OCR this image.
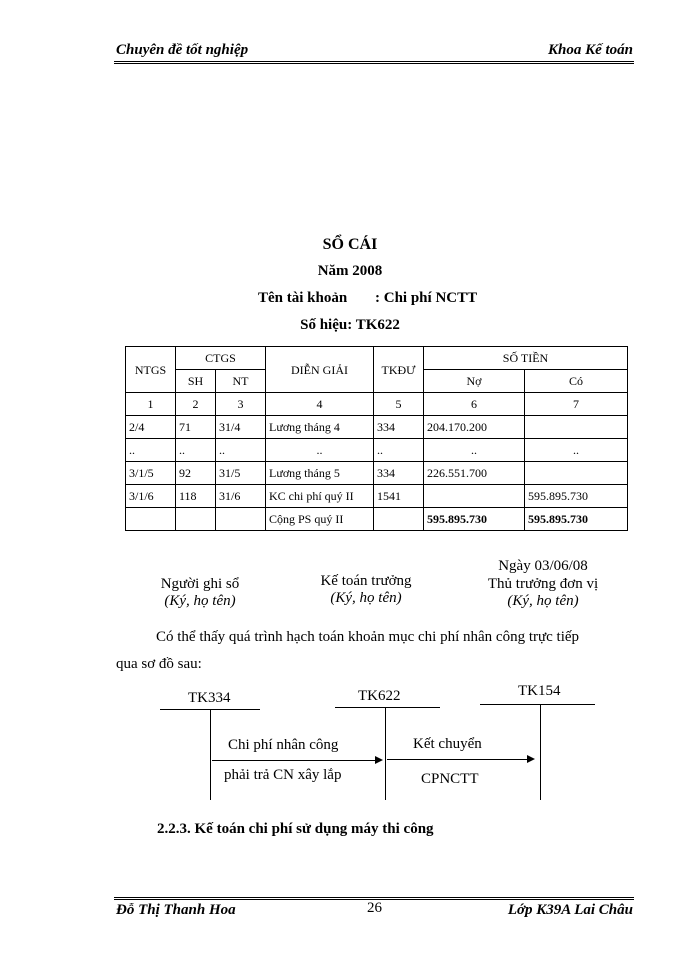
Chuyên đề tốt nghiệp	Khoa Kế toán
SỔ CÁI
Năm 2008
Tên tài khoản : Chi phí NCTT
Số hiệu: TK622
NTGS	CTGS		DIỄN GIẢI	TKĐƯ	SỐ TIỀN	
	SH	NT			Nợ	Có
1	2	3	4	5	6	7
2/4	71	31/4	Lương tháng 4	334	204.170.200	
..	..	..	..	..	..	..
3/1/5	92	31/5	Lương tháng 5	334	226.551.700	
3/1/6	118	31/6	KC chi phí quý II	1541		595.895.730
			Cộng PS quý II		595.895.730	595.895.730
Ngày 03/06/08
Người ghi sổ
(Ký, họ tên)
Kế toán trưởng
(Ký, họ tên)
Thủ trưởng đơn vị
(Ký, họ tên)
Có thể thấy quá trình hạch toán khoản mục chi phí nhân công trực tiếp
qua sơ đồ sau:
TK334	TK622	TK154
Chi phí nhân công
phải trả CN xây lắp
Kết chuyển
CPNCTT
2.2.3. Kế toán chi phí sử dụng máy thi công
Đỗ Thị Thanh Hoa	26	Lớp K39A Lai Châu
